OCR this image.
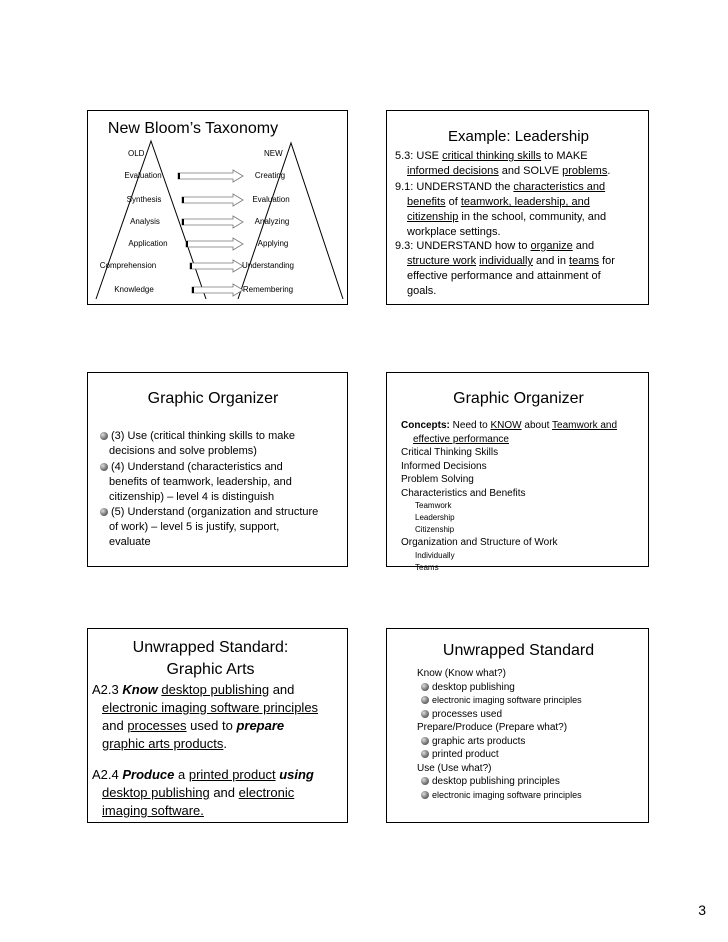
New Bloom’s Taxonomy
OLD	NEW
Evaluation	Creating
Synthesis	Evaluation
Analysis	Analyzing
Application	Applying
Comprehension	Understanding
Knowledge	Remembering
Example: Leadership
5.3: USE critical thinking skills to MAKE
informed decisions and SOLVE problems.
9.1: UNDERSTAND the characteristics and
benefits of teamwork, leadership, and
citizenship in the school, community, and
workplace settings.
9.3: UNDERSTAND how to organize and
structure work individually and in teams for
effective performance and attainment of
goals.
Graphic Organizer
(3) Use (critical thinking skills to make
decisions and solve problems)
(4) Understand (characteristics and
benefits of teamwork, leadership, and
citizenship) – level 4 is distinguish
(5) Understand (organization and structure
of work) – level 5 is justify, support,
evaluate
Graphic Organizer
Concepts: Need to KNOW about Teamwork and
effective performance
Critical Thinking Skills
Informed Decisions
Problem Solving
Characteristics and Benefits
Teamwork
Leadership
Citizenship
Organization and Structure of Work
Individually
Teams
Unwrapped Standard:
Graphic Arts
A2.3 Know desktop publishing and
electronic imaging software principles
and processes used to prepare
graphic arts products.
A2.4 Produce a printed product using
desktop publishing and electronic
imaging software.
Unwrapped Standard
Know (Know what?)
desktop publishing
electronic imaging software principles
processes used
Prepare/Produce (Prepare what?)
graphic arts products
printed product
Use (Use what?)
desktop publishing principles
electronic imaging software principles
3
